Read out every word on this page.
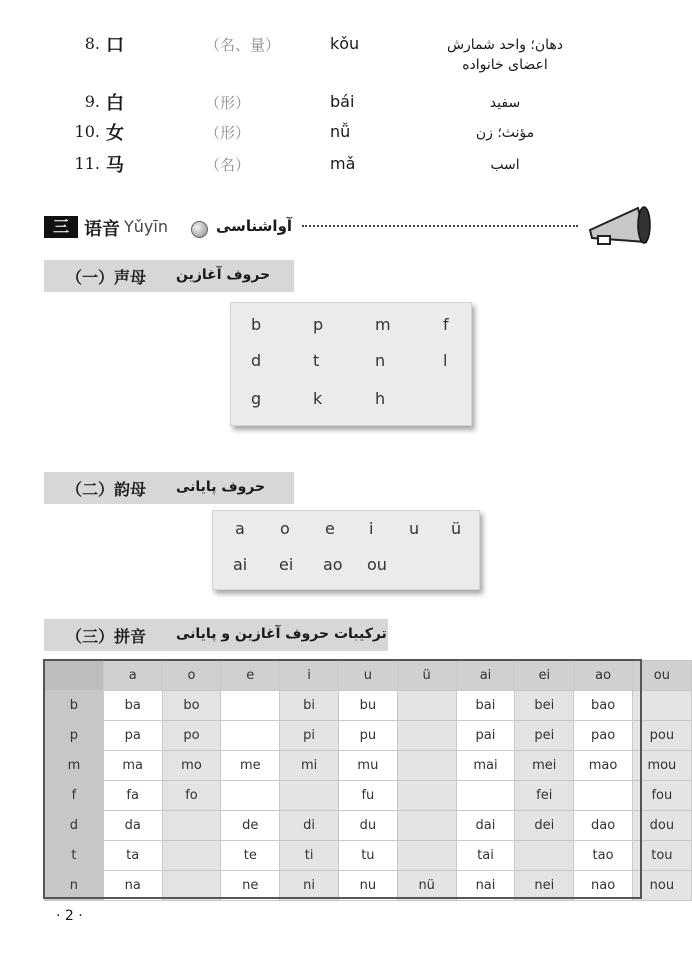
8. 口	（名、量）	kǒu	دهان؛ واحد شمارش
اعضای خانواده
9. 白	（形）	bái	سفید
10. 女	（形）	nǚ	مؤنث؛ زن
11. 马	（名）	mǎ	اسب
三 语音 Yǔyīn	آواشناسی
（一）声母 حروف آغازین
b	p	m	f
d	t	n	l
g	k	h
（二）韵母 حروف پایانی
a o e i u ü
ai ei ao ou
（三）拼音 ترکیبات حروف آغازین و پایانی
	a	o	e	i	u	ü	ai	ei	ao	ou
b	ba	bo		bi	bu		bai	bei	bao	
p	pa	po		pi	pu		pai	pei	pao	pou
m	ma	mo	me	mi	mu		mai	mei	mao	mou
f	fa	fo			fu			fei		fou
d	da		de	di	du		dai	dei	dao	dou
t	ta		te	ti	tu		tai		tao	tou
n	na		ne	ni	nu	nü	nai	nei	nao	nou
· 2 ·
